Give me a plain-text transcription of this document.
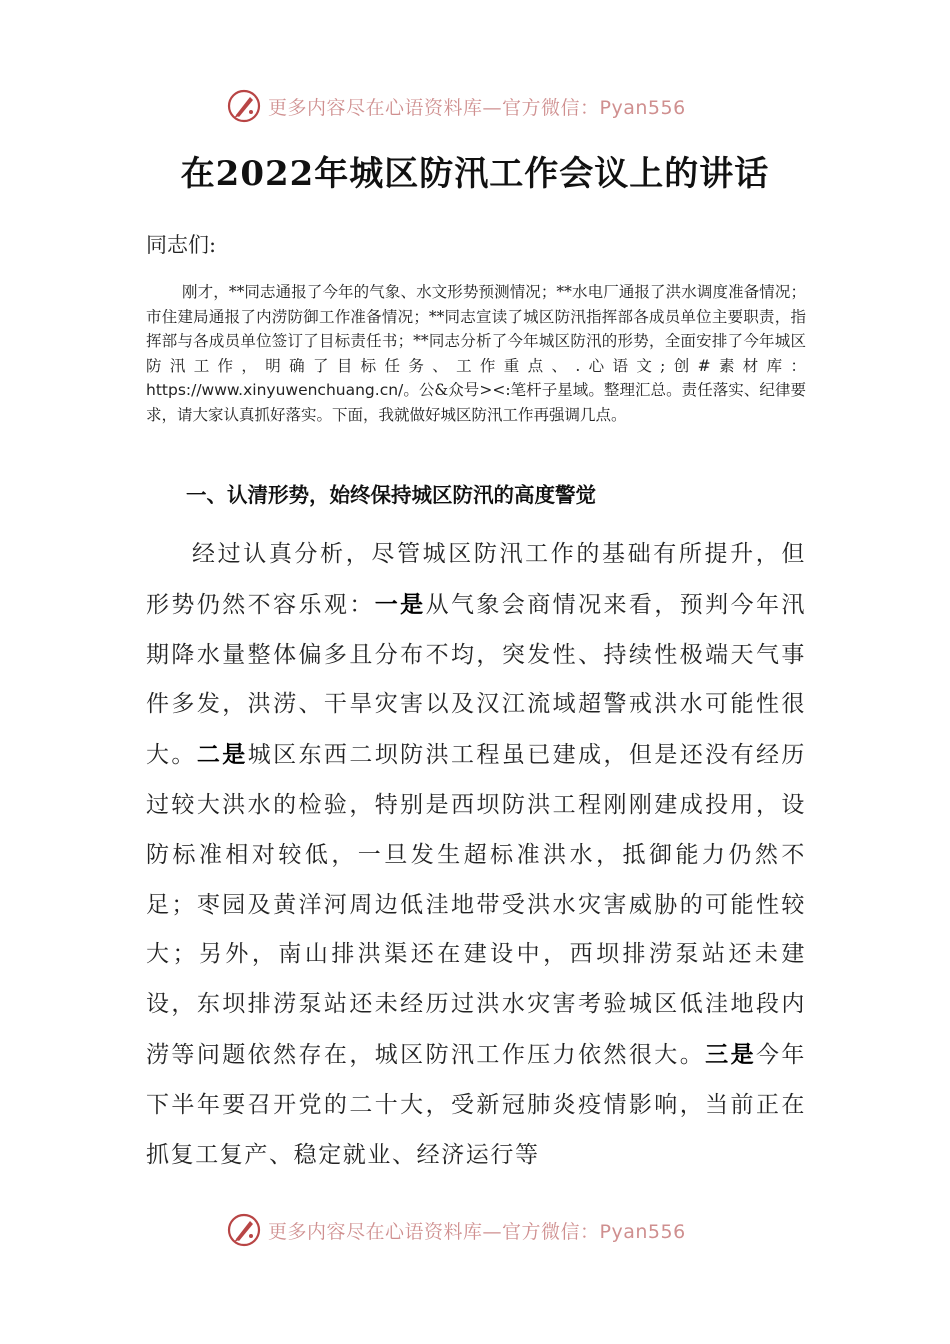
更多内容尽在心语资料库—官方微信：Pyan556
在2022年城区防汛工作会议上的讲话
同志们:
刚才，**同志通报了今年的气象、水文形势预测情况；**水电厂通报了洪水调度准备情况；市住建局通报了内涝防御工作准备情况；**同志宣读了城区防汛指挥部各成员单位主要职责，指挥部与各成员单位签订了目标责任书；**同志分析了今年城区防汛的形势，全面安排了今年城区防汛工作，明确了目标任务、工作重点、.心语文;创#素材库：https://www.xinyuwenchuang.cn/。公&众号><:笔杆子星域。整理汇总。责任落实、纪律要求，请大家认真抓好落实。下面，我就做好城区防汛工作再强调几点。
一、认清形势，始终保持城区防汛的高度警觉
经过认真分析，尽管城区防汛工作的基础有所提升，但形势仍然不容乐观：一是从气象会商情况来看，预判今年汛期降水量整体偏多且分布不均，突发性、持续性极端天气事件多发，洪涝、干旱灾害以及汉江流域超警戒洪水可能性很大。二是城区东西二坝防洪工程虽已建成，但是还没有经历过较大洪水的检验，特别是西坝防洪工程刚刚建成投用，设防标准相对较低，一旦发生超标准洪水，抵御能力仍然不足；枣园及黄洋河周边低洼地带受洪水灾害威胁的可能性较大；另外，南山排洪渠还在建设中，西坝排涝泵站还未建设，东坝排涝泵站还未经历过洪水灾害考验城区低洼地段内涝等问题依然存在，城区防汛工作压力依然很大。三是今年下半年要召开党的二十大，受新冠肺炎疫情影响，当前正在抓复工复产、稳定就业、经济运行等
更多内容尽在心语资料库—官方微信：Pyan556
